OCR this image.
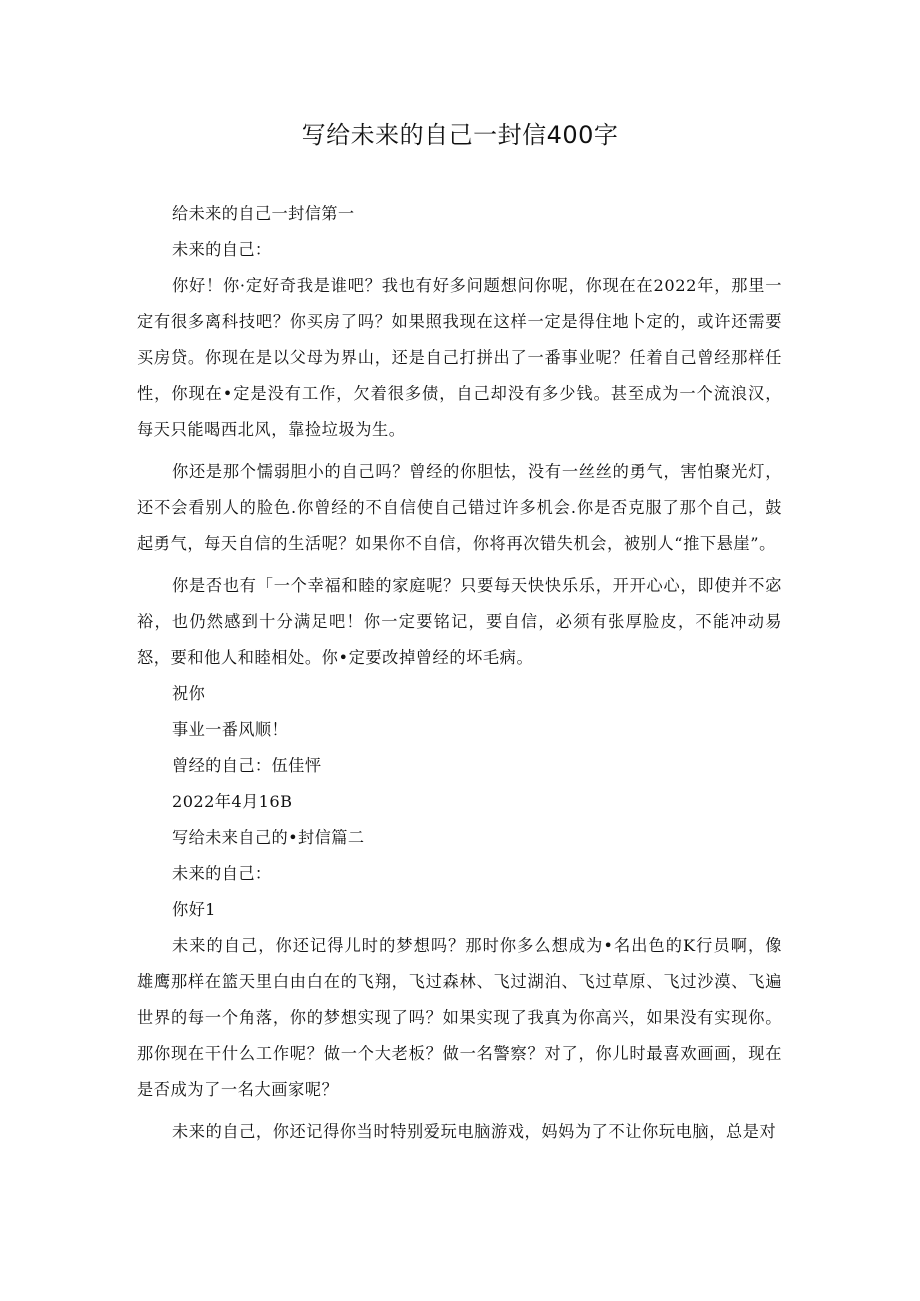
写给未来的自己一封信400字

给未来的自己一封信第一

未来的自己：

你好！你·定好奇我是谁吧？我也有好多问题想问你呢，你现在在2022年，那里一定有很多离科技吧？你买房了吗？如果照我现在这样一定是得住地卜定的，或许还需要买房贷。你现在是以父母为界山，还是自己打拼出了一番事业呢？任着自己曾经那样任性，你现在•定是没有工作，欠着很多债，自己却没有多少钱。甚至成为一个流浪汉，每天只能喝西北风，靠捡垃圾为生。

你还是那个懦弱胆小的自己吗？曾经的你胆怯，没有一丝丝的勇气，害怕聚光灯，还不会看别人的脸色.你曾经的不自信使自己错过许多机会.你是否克服了那个自己，鼓起勇气，每天自信的生活呢？如果你不自信，你将再次错失机会，被别人“推下悬崖”。

你是否也有「一个幸福和睦的家庭呢？只要每天快快乐乐，开开心心，即使并不宓裕，也仍然感到十分满足吧！你一定要铭记，要自信，必须有张厚脸皮，不能冲动易怒，要和他人和睦相处。你•定要改掉曾经的坏毛病。

祝你

事业一番风顺！

曾经的自己：伍佳怦

2022年4月16B

写给未来自己的•封信篇二

未来的自己：

你好1

未来的自己，你还记得儿时的梦想吗？那时你多么想成为•名出色的K行员啊，像雄鹰那样在篮天里白由白在的飞翔，飞过森林、飞过湖泊、飞过草原、飞过沙漠、飞遍世界的每一个角落，你的梦想实现了吗？如果实现了我真为你高兴，如果没有实现你。那你现在干什么工作呢？做一个大老板？做一名警察？对了，你儿时最喜欢画画，现在是否成为了一名大画家呢？

未来的自己，你还记得你当时特别爱玩电脑游戏，妈妈为了不让你玩电脑，总是对
